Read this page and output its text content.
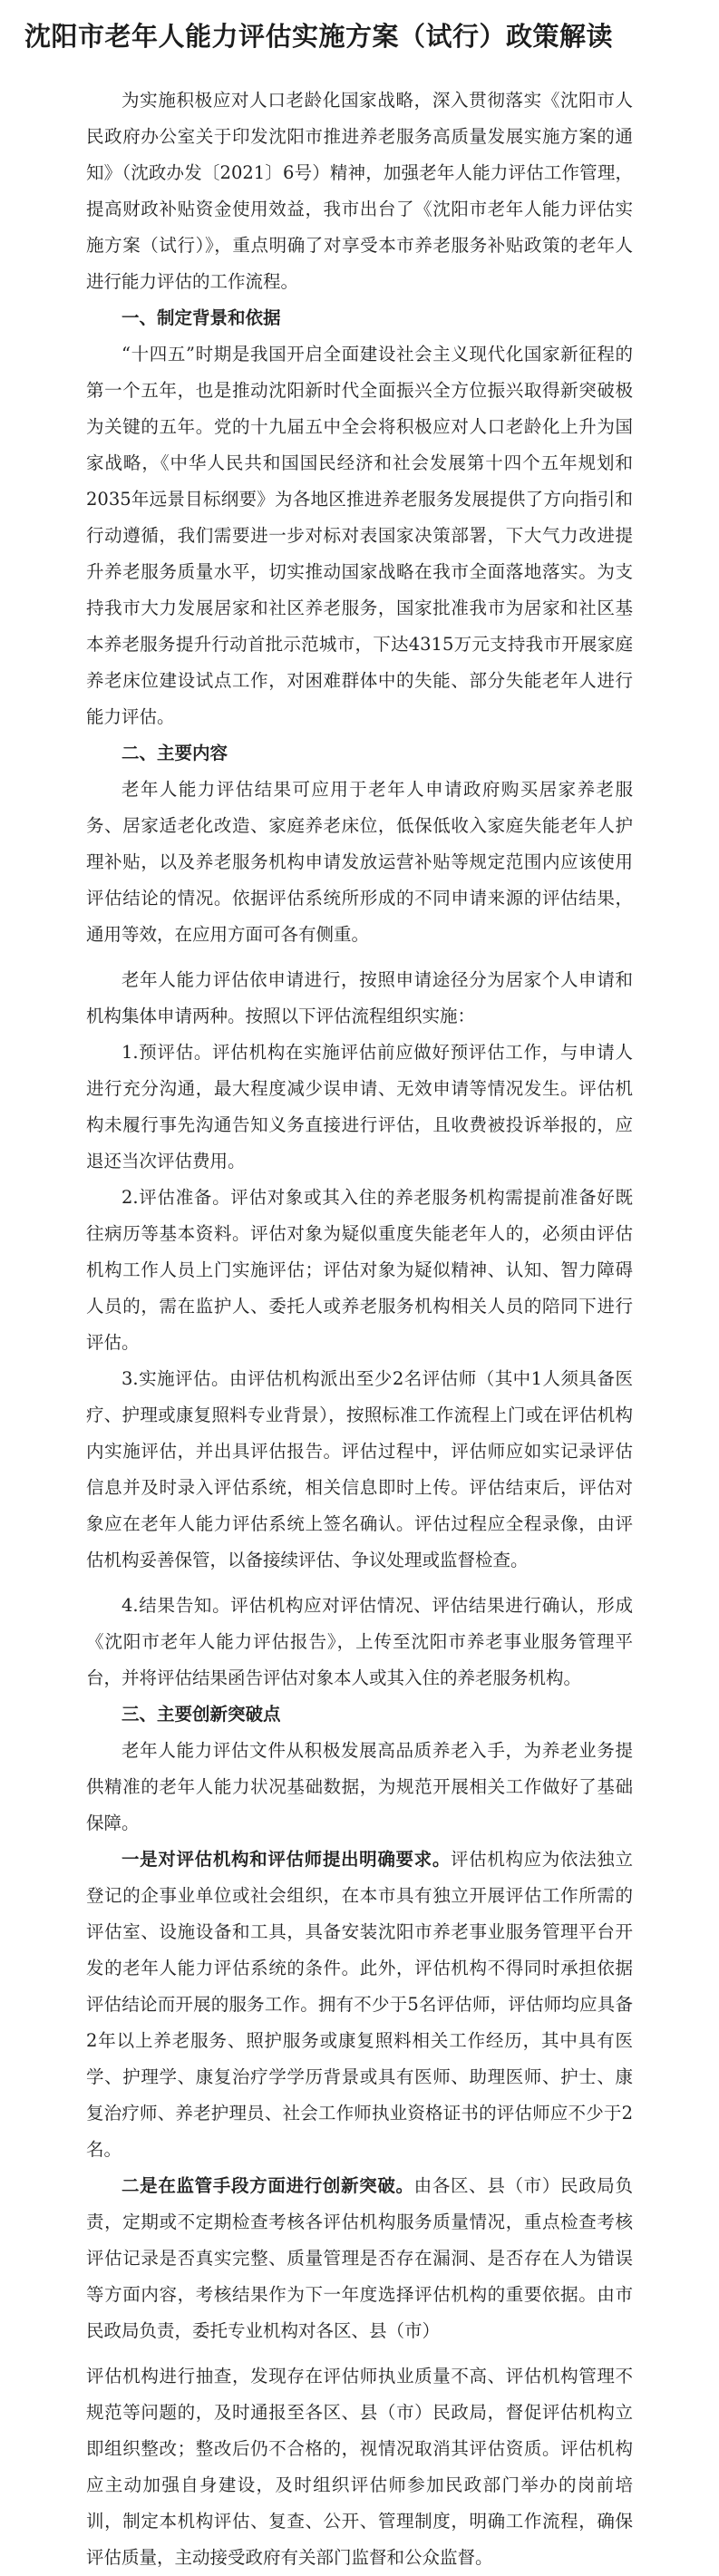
沈阳市老年人能力评估实施方案（试行）政策解读

为实施积极应对人口老龄化国家战略，深入贯彻落实《沈阳市人民政府办公室关于印发沈阳市推进养老服务高质量发展实施方案的通知》（沈政办发〔2021〕6号）精神，加强老年人能力评估工作管理，提高财政补贴资金使用效益，我市出台了《沈阳市老年人能力评估实施方案（试行）》，重点明确了对享受本市养老服务补贴政策的老年人进行能力评估的工作流程。

一、制定背景和依据

“十四五”时期是我国开启全面建设社会主义现代化国家新征程的第一个五年，也是推动沈阳新时代全面振兴全方位振兴取得新突破极为关键的五年。党的十九届五中全会将积极应对人口老龄化上升为国家战略，《中华人民共和国国民经济和社会发展第十四个五年规划和2035年远景目标纲要》为各地区推进养老服务发展提供了方向指引和行动遵循，我们需要进一步对标对表国家决策部署，下大气力改进提升养老服务质量水平，切实推动国家战略在我市全面落地落实。为支持我市大力发展居家和社区养老服务，国家批准我市为居家和社区基本养老服务提升行动首批示范城市，下达4315万元支持我市开展家庭养老床位建设试点工作，对困难群体中的失能、部分失能老年人进行能力评估。

二、主要内容

老年人能力评估结果可应用于老年人申请政府购买居家养老服务、居家适老化改造、家庭养老床位，低保低收入家庭失能老年人护理补贴，以及养老服务机构申请发放运营补贴等规定范围内应该使用评估结论的情况。依据评估系统所形成的不同申请来源的评估结果，通用等效，在应用方面可各有侧重。

老年人能力评估依申请进行，按照申请途径分为居家个人申请和机构集体申请两种。按照以下评估流程组织实施：

1.预评估。评估机构在实施评估前应做好预评估工作，与申请人进行充分沟通，最大程度减少误申请、无效申请等情况发生。评估机构未履行事先沟通告知义务直接进行评估，且收费被投诉举报的，应退还当次评估费用。

2.评估准备。评估对象或其入住的养老服务机构需提前准备好既往病历等基本资料。评估对象为疑似重度失能老年人的，必须由评估机构工作人员上门实施评估；评估对象为疑似精神、认知、智力障碍人员的，需在监护人、委托人或养老服务机构相关人员的陪同下进行评估。

3.实施评估。由评估机构派出至少2名评估师（其中1人须具备医疗、护理或康复照料专业背景），按照标准工作流程上门或在评估机构内实施评估，并出具评估报告。评估过程中，评估师应如实记录评估信息并及时录入评估系统，相关信息即时上传。评估结束后，评估对象应在老年人能力评估系统上签名确认。评估过程应全程录像，由评估机构妥善保管，以备接续评估、争议处理或监督检查。

4.结果告知。评估机构应对评估情况、评估结果进行确认，形成《沈阳市老年人能力评估报告》，上传至沈阳市养老事业服务管理平台，并将评估结果函告评估对象本人或其入住的养老服务机构。

三、主要创新突破点

老年人能力评估文件从积极发展高品质养老入手，为养老业务提供精准的老年人能力状况基础数据，为规范开展相关工作做好了基础保障。

一是对评估机构和评估师提出明确要求。评估机构应为依法独立登记的企事业单位或社会组织，在本市具有独立开展评估工作所需的评估室、设施设备和工具，具备安装沈阳市养老事业服务管理平台开发的老年人能力评估系统的条件。此外，评估机构不得同时承担依据评估结论而开展的服务工作。拥有不少于5名评估师，评估师均应具备2年以上养老服务、照护服务或康复照料相关工作经历，其中具有医学、护理学、康复治疗学学历背景或具有医师、助理医师、护士、康复治疗师、养老护理员、社会工作师执业资格证书的评估师应不少于2名。

二是在监管手段方面进行创新突破。由各区、县（市）民政局负责，定期或不定期检查考核各评估机构服务质量情况，重点检查考核评估记录是否真实完整、质量管理是否存在漏洞、是否存在人为错误等方面内容，考核结果作为下一年度选择评估机构的重要依据。由市民政局负责，委托专业机构对各区、县（市）

评估机构进行抽查，发现存在评估师执业质量不高、评估机构管理不规范等问题的，及时通报至各区、县（市）民政局，督促评估机构立即组织整改；整改后仍不合格的，视情况取消其评估资质。评估机构应主动加强自身建设，及时组织评估师参加民政部门举办的岗前培训，制定本机构评估、复查、公开、管理制度，明确工作流程，确保评估质量，主动接受政府有关部门监督和公众监督。
